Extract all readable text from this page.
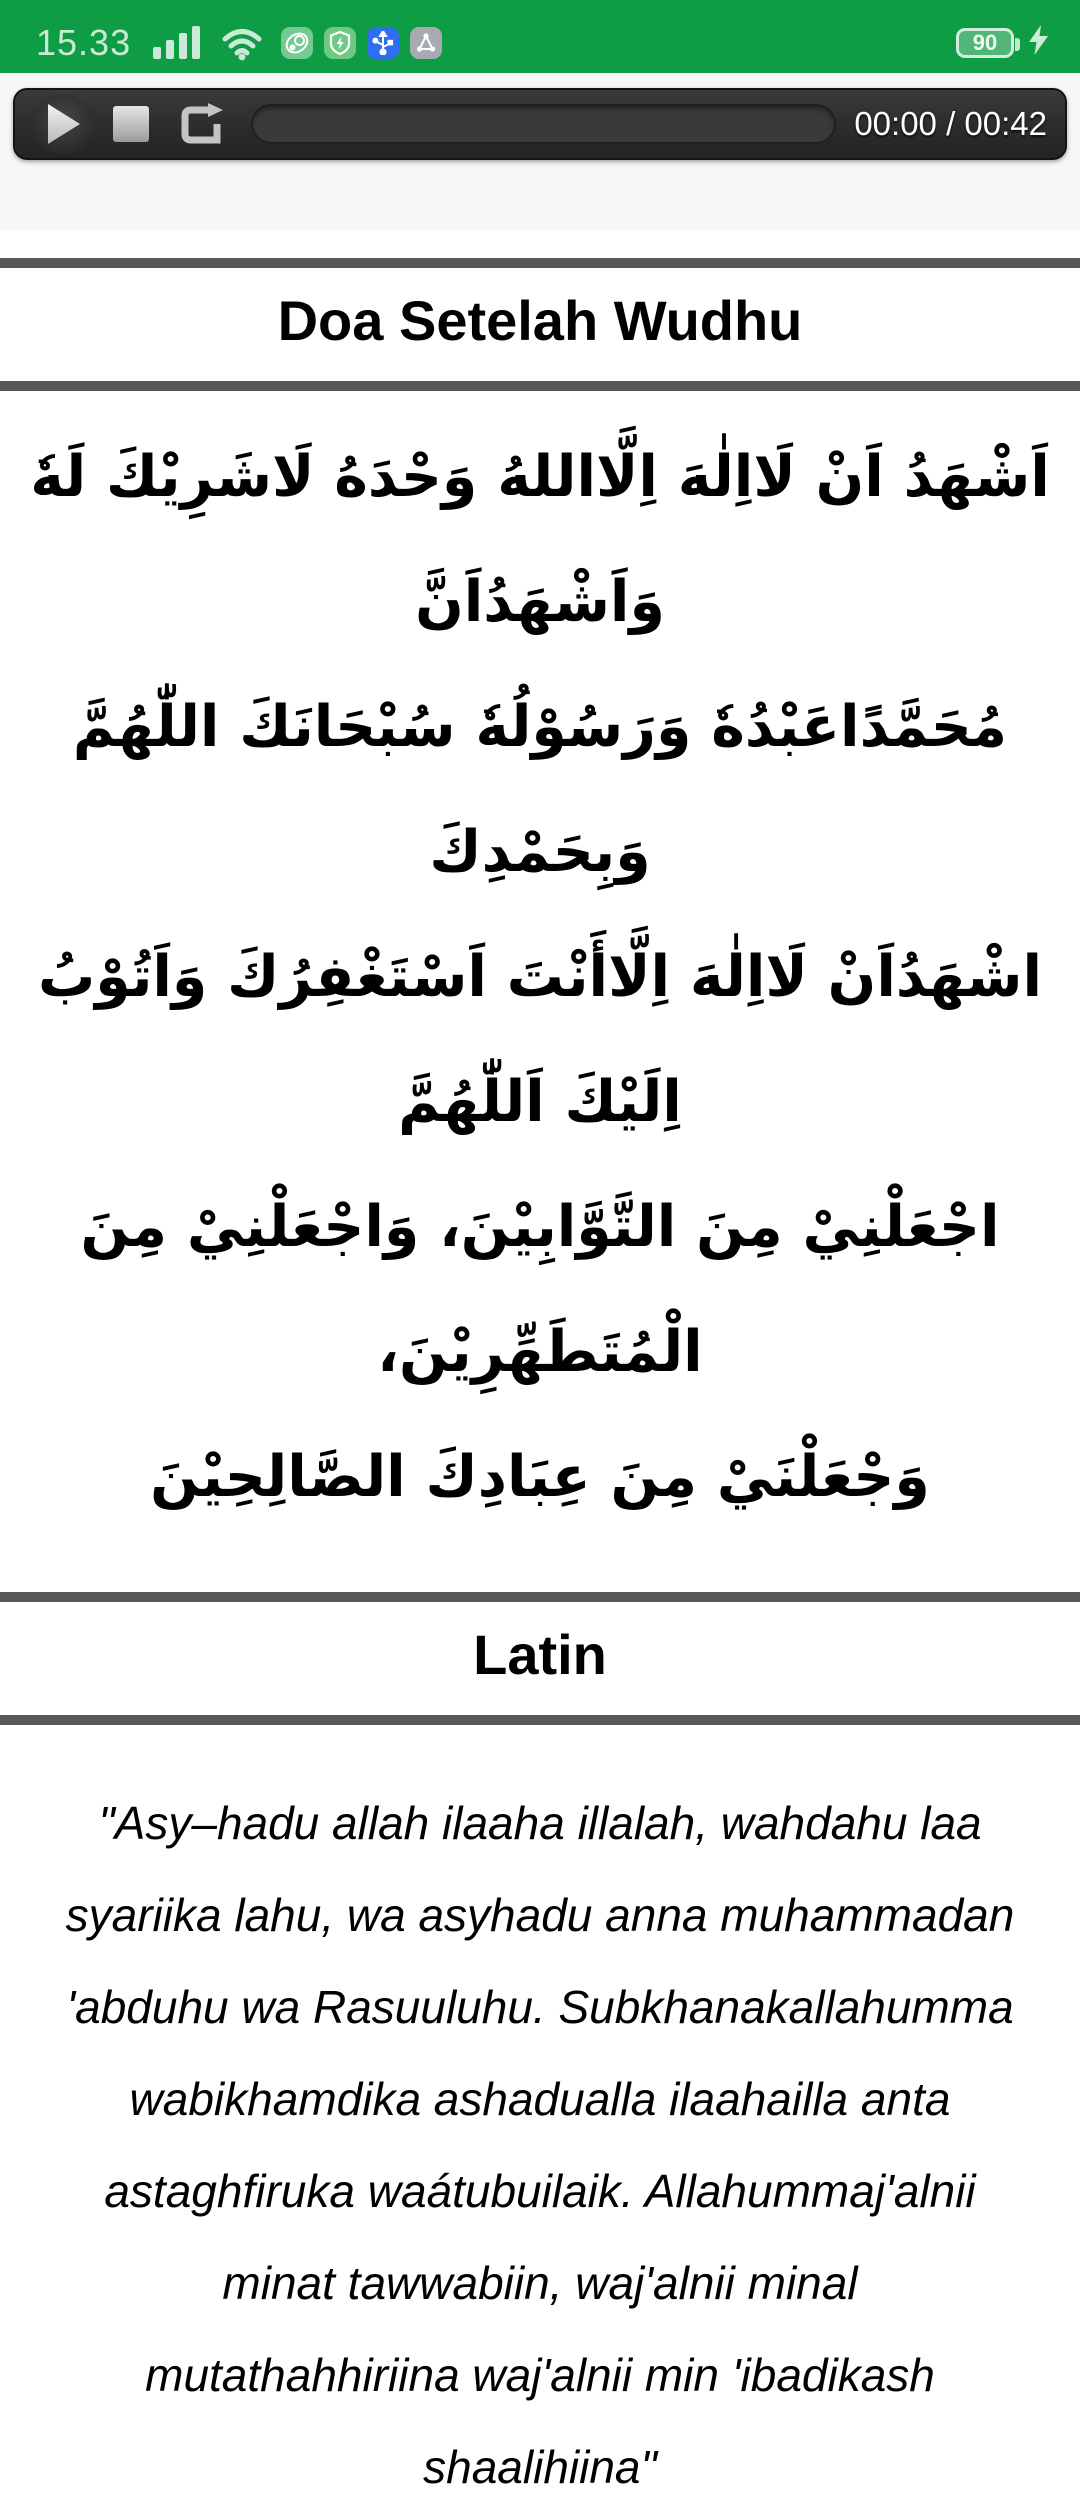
15.33	90
00:00 / 00:42
Doa Setelah Wudhu

اَشْهَدُ اَنْ لَااِلٰهَ اِلَّااللهُ وَحْدَهُ لَاشَرِيْكَ لَهٗ وَاَشْهَدُاَنَّ

مُحَمَّدًاعَبْدُهٗ وَرَسُوْلُهٗ سُبْحَانَكَ اللّٰهُمَّ وَبِحَمْدِكَ

اشْهَدُاَنْ لَااِلٰهَ اِلَّاأَنْتَ اَسْتَغْفِرُكَ وَاَتُوْبُ اِلَيْكَ اَللّٰهُمَّ

اجْعَلْنِيْ مِنَ التَّوَّابِيْنَ، وَاجْعَلْنِيْ مِنَ الْمُتَطَهِّرِيْنَ،

وَجْعَلْنَيْ مِنَ عِبَادِكَ الصَّالِحِيْنَ

Latin

"Asy–hadu allah ilaaha illalah, wahdahu laa

syariika lahu, wa asyhadu anna muhammadan

'abduhu wa Rasuuluhu. Subkhanakallahumma

wabikhamdika ashadualla ilaahailla anta

astaghfiruka waátubuilaik. Allahummaj'alnii

minat tawwabiin, waj'alnii minal

mutathahhiriina waj'alnii min 'ibadikash

shaalihiina"
